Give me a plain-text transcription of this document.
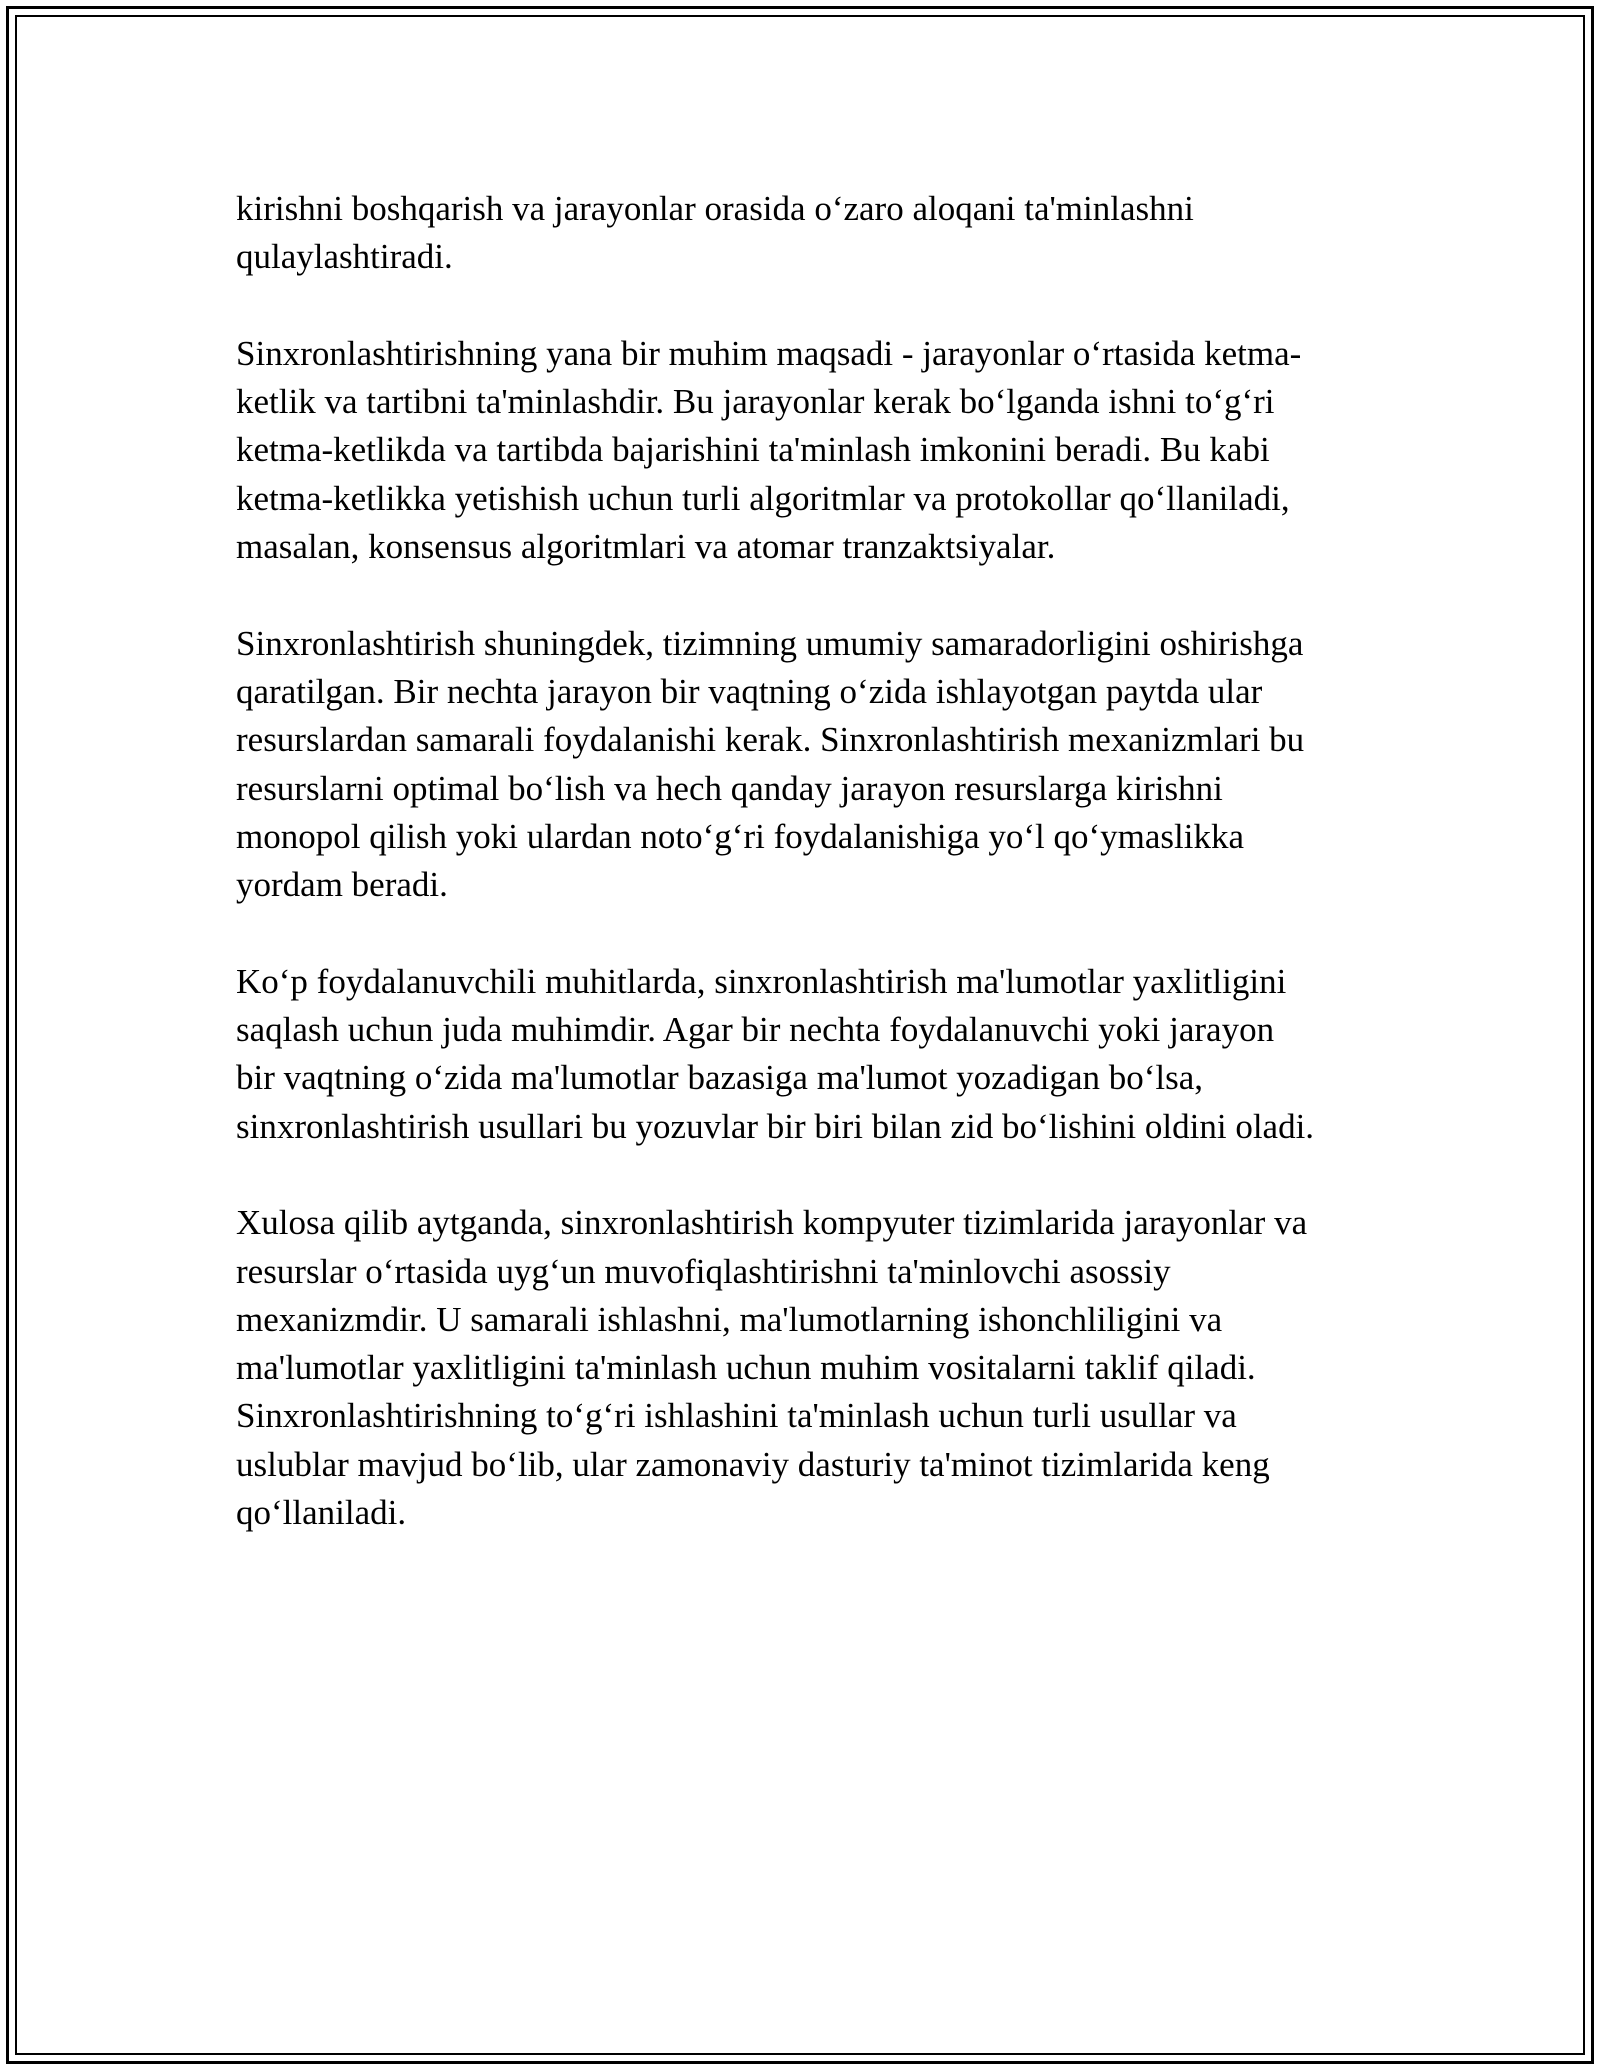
kirishni boshqarish va jarayonlar orasida o‘zaro aloqani ta'minlashni
qulaylashtiradi.
Sinxronlashtirishning yana bir muhim maqsadi - jarayonlar o‘rtasida ketma-
ketlik va tartibni ta'minlashdir. Bu jarayonlar kerak bo‘lganda ishni to‘g‘ri
ketma-ketlikda va tartibda bajarishini ta'minlash imkonini beradi. Bu kabi
ketma-ketlikka yetishish uchun turli algoritmlar va protokollar qo‘llaniladi,
masalan, konsensus algoritmlari va atomar tranzaktsiyalar.
Sinxronlashtirish shuningdek, tizimning umumiy samaradorligini oshirishga
qaratilgan. Bir nechta jarayon bir vaqtning o‘zida ishlayotgan paytda ular
resurslardan samarali foydalanishi kerak. Sinxronlashtirish mexanizmlari bu
resurslarni optimal bo‘lish va hech qanday jarayon resurslarga kirishni
monopol qilish yoki ulardan noto‘g‘ri foydalanishiga yo‘l qo‘ymaslikka
yordam beradi.
Ko‘p foydalanuvchili muhitlarda, sinxronlashtirish ma'lumotlar yaxlitligini
saqlash uchun juda muhimdir. Agar bir nechta foydalanuvchi yoki jarayon
bir vaqtning o‘zida ma'lumotlar bazasiga ma'lumot yozadigan bo‘lsa,
sinxronlashtirish usullari bu yozuvlar bir biri bilan zid bo‘lishini oldini oladi.
Xulosa qilib aytganda, sinxronlashtirish kompyuter tizimlarida jarayonlar va
resurslar o‘rtasida uyg‘un muvofiqlashtirishni ta'minlovchi asossiy
mexanizmdir. U samarali ishlashni, ma'lumotlarning ishonchliligini va
ma'lumotlar yaxlitligini ta'minlash uchun muhim vositalarni taklif qiladi.
Sinxronlashtirishning to‘g‘ri ishlashini ta'minlash uchun turli usullar va
uslublar mavjud bo‘lib, ular zamonaviy dasturiy ta'minot tizimlarida keng
qo‘llaniladi.
